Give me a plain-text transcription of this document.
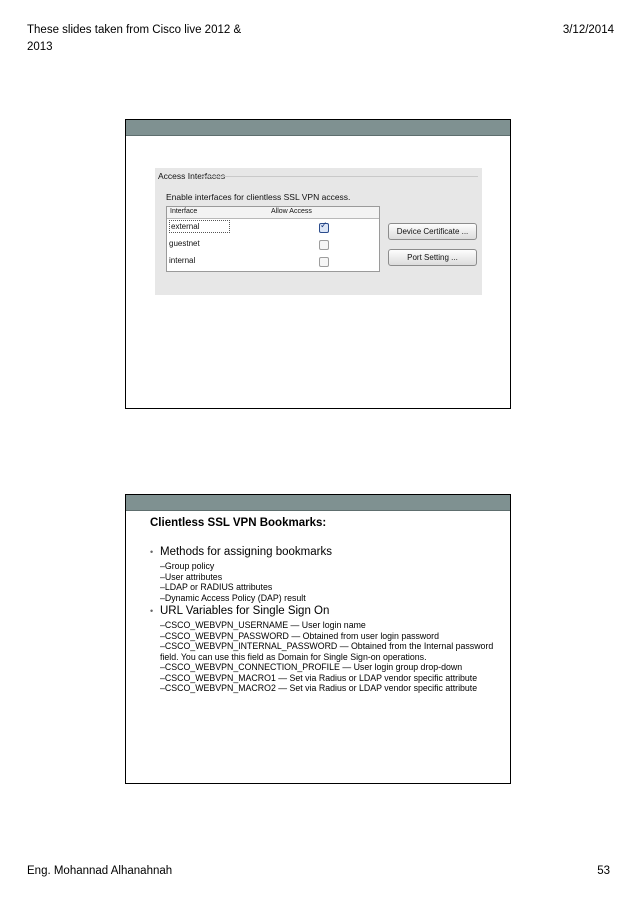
These slides taken from Cisco live 2012 & 2013
3/12/2014
Access Interfaces
Enable interfaces for clientless SSL VPN access.
Interface	Allow Access
external
✓
guestnet
internal
Device Certificate ...
Port Setting ...
Clientless SSL VPN Bookmarks:

• Methods for assigning bookmarks

–Group policy
–User attributes
–LDAP or RADIUS attributes
–Dynamic Access Policy (DAP) result

• URL Variables for Single Sign On

–CSCO_WEBVPN_USERNAME — User login name
–CSCO_WEBVPN_PASSWORD — Obtained from user login password
–CSCO_WEBVPN_INTERNAL_PASSWORD — Obtained from the Internal password field. You can use this field as Domain for Single Sign-on operations.
–CSCO_WEBVPN_CONNECTION_PROFILE — User login group drop-down
–CSCO_WEBVPN_MACRO1 — Set via Radius or LDAP vendor specific attribute
–CSCO_WEBVPN_MACRO2 — Set via Radius or LDAP vendor specific attribute
Eng. Mohannad Alhanahnah	53
